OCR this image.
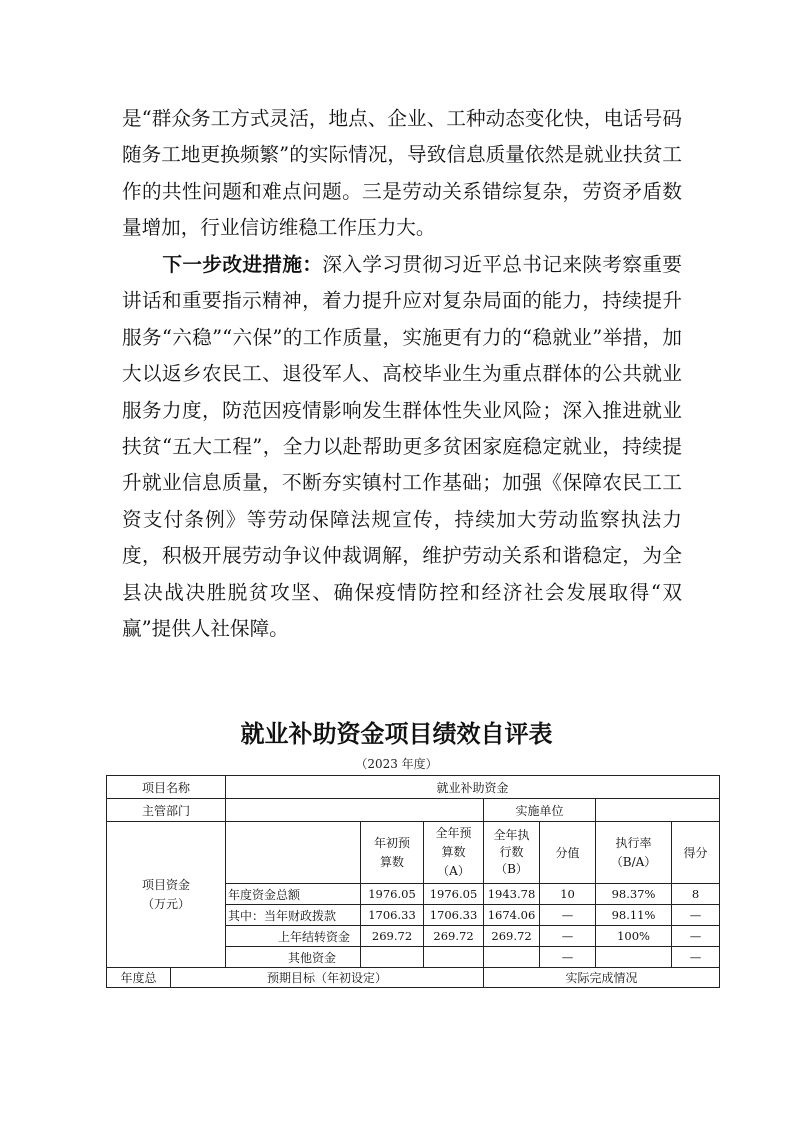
是“群众务工方式灵活，地点、企业、工种动态变化快，电话号码随务工地更换频繁”的实际情况，导致信息质量依然是就业扶贫工作的共性问题和难点问题。三是劳动关系错综复杂，劳资矛盾数量增加，行业信访维稳工作压力大。

下一步改进措施：深入学习贯彻习近平总书记来陕考察重要讲话和重要指示精神，着力提升应对复杂局面的能力，持续提升服务“六稳”“六保”的工作质量，实施更有力的“稳就业”举措，加大以返乡农民工、退役军人、高校毕业生为重点群体的公共就业服务力度，防范因疫情影响发生群体性失业风险；深入推进就业扶贫“五大工程”，全力以赴帮助更多贫困家庭稳定就业，持续提升就业信息质量，不断夯实镇村工作基础；加强《保障农民工工资支付条例》等劳动保障法规宣传，持续加大劳动监察执法力度，积极开展劳动争议仲裁调解，维护劳动关系和谐稳定，为全县决战决胜脱贫攻坚、确保疫情防控和经济社会发展取得“双赢”提供人社保障。

就业补助资金项目绩效自评表
（2023 年度）
项目名称		就业补助资金						
主管部门					实施单位			
项目资金（万元）			年初预算数	全年预算数（A）	全年执行数（B）	分值	执行率（B/A）	得分
		年度资金总额	1976.05	1976.05	1943.78	10	98.37%	8
		其中：当年财政拨款	1706.33	1706.33	1674.06	—	98.11%	—
		上年结转资金	269.72	269.72	269.72	—	100%	—
		其他资金				—		—
年度总	预期目标（年初设定）				实际完成情况			
